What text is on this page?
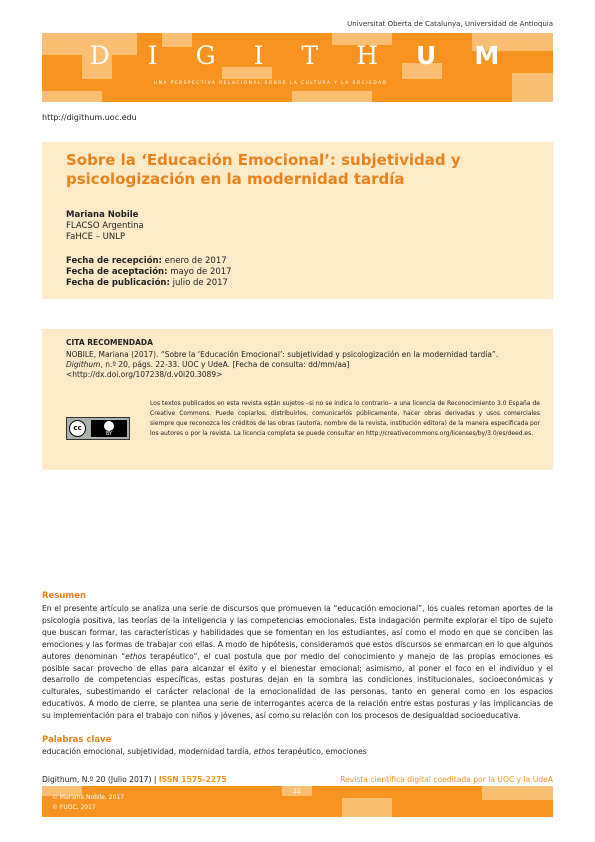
Universitat Oberta de Catalunya, Universidad de Antioquia
D I G I T H U M
UNA PERSPECTIVA RELACIONAL SOBRE LA CULTURA Y LA SOCIEDAD
http://digithum.uoc.edu
Sobre la ‘Educación Emocional’: subjetividad y psicologización en la modernidad tardía
Mariana Nobile
FLACSO Argentina
FaHCE – UNLP
Fecha de recepción: enero de 2017
Fecha de aceptación: mayo de 2017
Fecha de publicación: julio de 2017
CITA RECOMENDADA
NOBILE, Mariana (2017). “Sobre la ‘Educación Emocional’: subjetividad y psicologización en la modernidad tardía”. Digithum, n.º 20, págs. 22-33. UOC y UdeA. [Fecha de consulta: dd/mm/aa]
<http://dx.doi.org/107238/d.v0i20.3089>
cc
BY
Los textos publicados en esta revista están sujetos –si no se indica lo contrario– a una licencia de Reconocimiento 3.0 España de Creative Commons. Puede copiarlos, distribuirlos, comunicarlos públicamente, hacer obras derivadas y usos comerciales siempre que reconozca los créditos de las obras (autoría, nombre de la revista, institución editora) de la manera especificada por los autores o por la revista. La licencia completa se puede consultar en http://creativecommons.org/licenses/by/3.0/es/deed.es.
Resumen
En el presente artículo se analiza una serie de discursos que promueven la “educación emocional”, los cuales retoman aportes de la psicología positiva, las teorías de la inteligencia y las competencias emocionales. Esta indagación permite explorar el tipo de sujeto que buscan formar, las características y habilidades que se fomentan en los estudiantes, así como el modo en que se conciben las emociones y las formas de trabajar con ellas. A modo de hipótesis, consideramos que estos discursos se enmarcan en lo que algunos autores denominan “ethos terapéutico”, el cual postula que por medio del conocimiento y manejo de las propias emociones es posible sacar provecho de ellas para alcanzar el éxito y el bienestar emocional; asimismo, al poner el foco en el individuo y el desarrollo de competencias específicas, estas posturas dejan en la sombra las condiciones institucionales, socioeconómicas y culturales, subestimando el carácter relacional de la emocionalidad de las personas, tanto en general como en los espacios educativos. A modo de cierre, se plantea una serie de interrogantes acerca de la relación entre estas posturas y las implicancias de su implementación para el trabajo con niños y jóvenes, así como su relación con los procesos de desigualdad socioeducativa.
Palabras clave
educación emocional, subjetividad, modernidad tardía, ethos terapéutico, emociones
Digithum, N.º 20 (Julio 2017) | ISSN 1575-2275	Revista científica digital coeditada por la UOC y la UdeA
22
© Mariana Nobile, 2017
© FUOC, 2017
